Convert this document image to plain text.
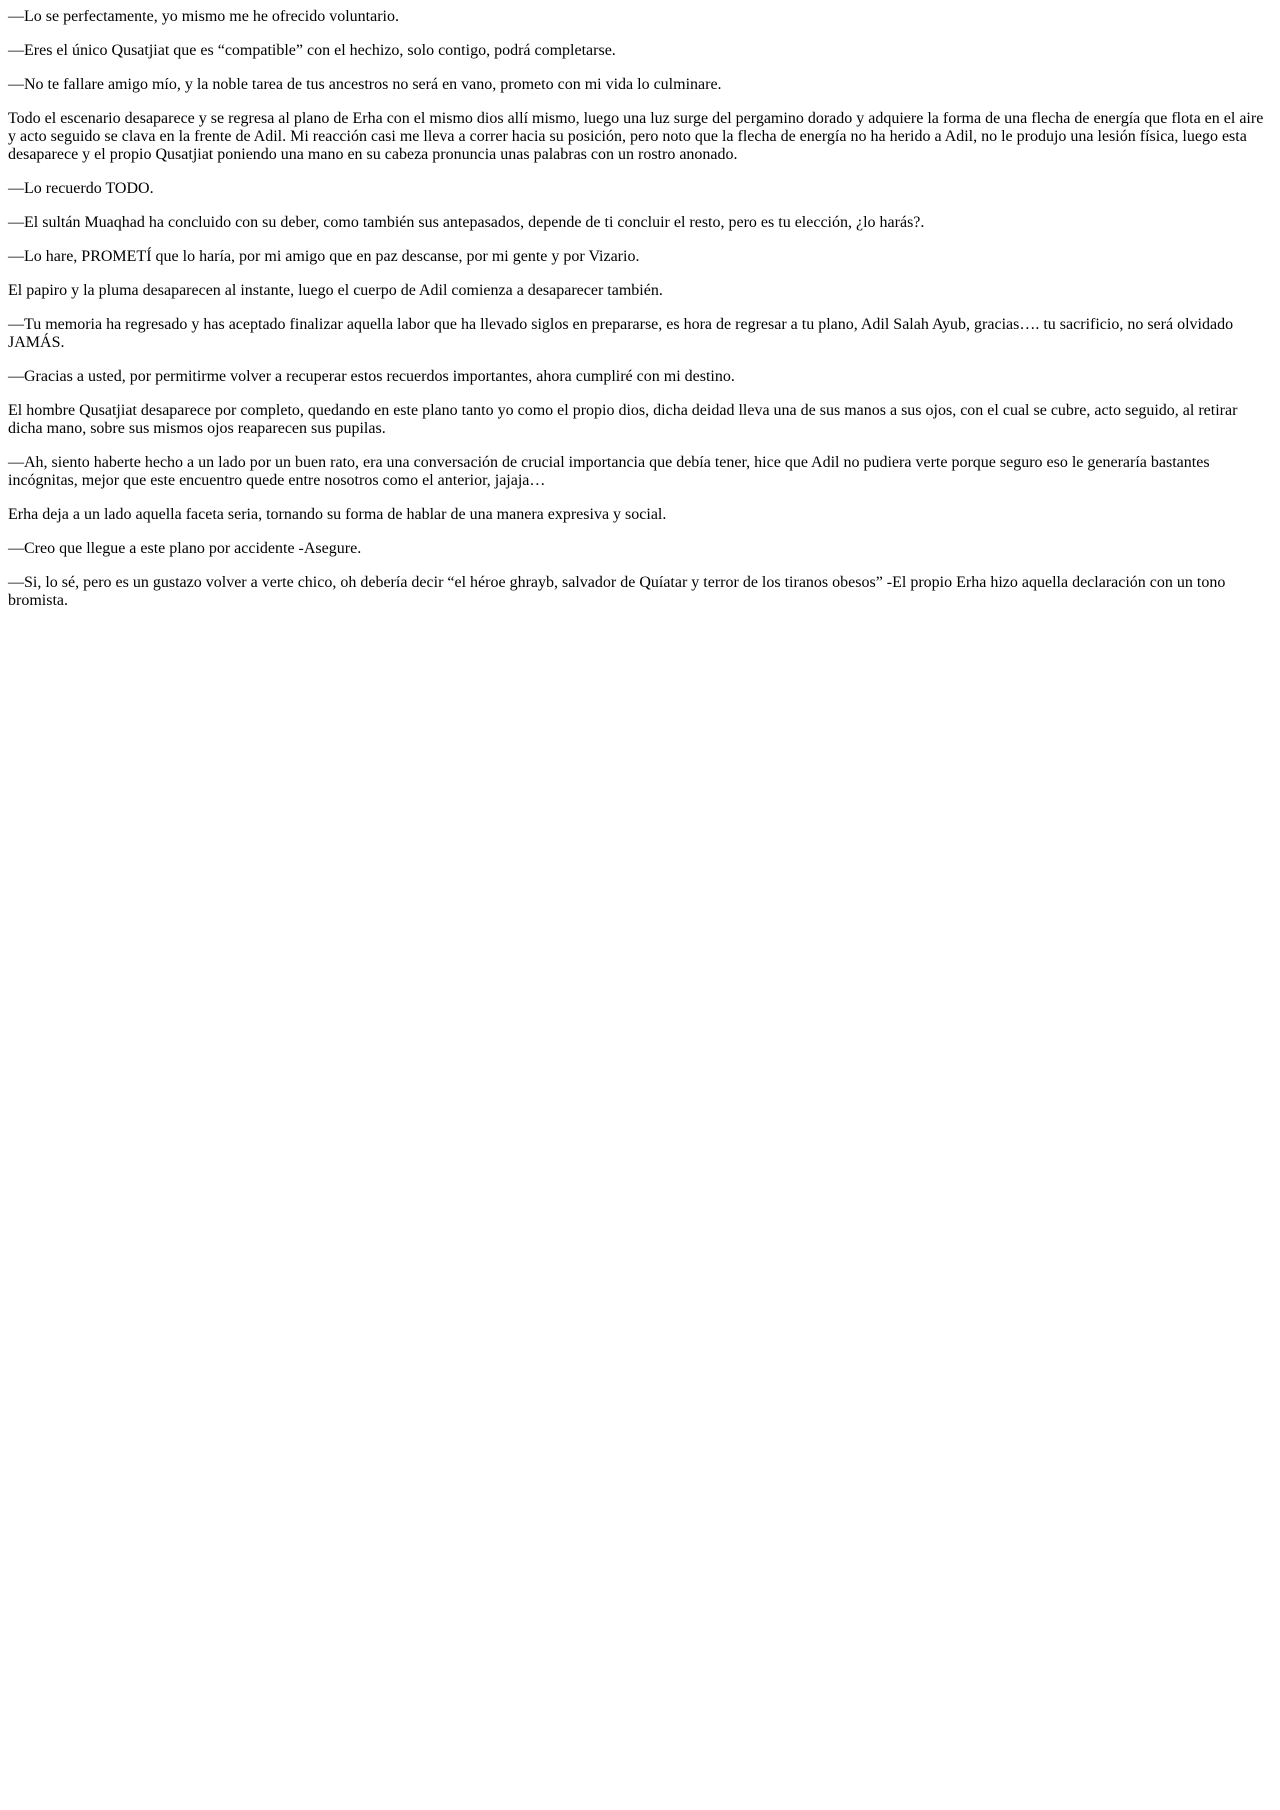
—Lo se perfectamente, yo mismo me he ofrecido voluntario.

—Eres el único Qusatjiat que es “compatible” con el hechizo, solo contigo, podrá completarse.

—No te fallare amigo mío, y la noble tarea de tus ancestros no será en vano, prometo con mi vida lo culminare.

Todo el escenario desaparece y se regresa al plano de Erha con el mismo dios allí mismo, luego una luz surge del pergamino dorado y adquiere la forma de una flecha de energía que flota en el aire y acto seguido se clava en la frente de Adil. Mi reacción casi me lleva a correr hacia su posición, pero noto que la flecha de energía no ha herido a Adil, no le produjo una lesión física, luego esta desaparece y el propio Qusatjiat poniendo una mano en su cabeza pronuncia unas palabras con un rostro anonado.

—Lo recuerdo TODO.

—El sultán Muaqhad ha concluido con su deber, como también sus antepasados, depende de ti concluir el resto, pero es tu elección, ¿lo harás?.

—Lo hare, PROMETÍ que lo haría, por mi amigo que en paz descanse, por mi gente y por Vizario.

El papiro y la pluma desaparecen al instante, luego el cuerpo de Adil comienza a desaparecer también.

—Tu memoria ha regresado y has aceptado finalizar aquella labor que ha llevado siglos en prepararse, es hora de regresar a tu plano, Adil Salah Ayub, gracias…. tu sacrificio, no será olvidado JAMÁS.

—Gracias a usted, por permitirme volver a recuperar estos recuerdos importantes, ahora cumpliré con mi destino.

El hombre Qusatjiat desaparece por completo, quedando en este plano tanto yo como el propio dios, dicha deidad lleva una de sus manos a sus ojos, con el cual se cubre, acto seguido, al retirar dicha mano, sobre sus mismos ojos reaparecen sus pupilas.

—Ah, siento haberte hecho a un lado por un buen rato, era una conversación de crucial importancia que debía tener, hice que Adil no pudiera verte porque seguro eso le generaría bastantes incógnitas, mejor que este encuentro quede entre nosotros como el anterior, jajaja…

Erha deja a un lado aquella faceta seria, tornando su forma de hablar de una manera expresiva y social.

—Creo que llegue a este plano por accidente -Asegure.

—Si, lo sé, pero es un gustazo volver a verte chico, oh debería decir “el héroe ghrayb, salvador de Quíatar y terror de los tiranos obesos” -El propio Erha hizo aquella declaración con un tono bromista.
